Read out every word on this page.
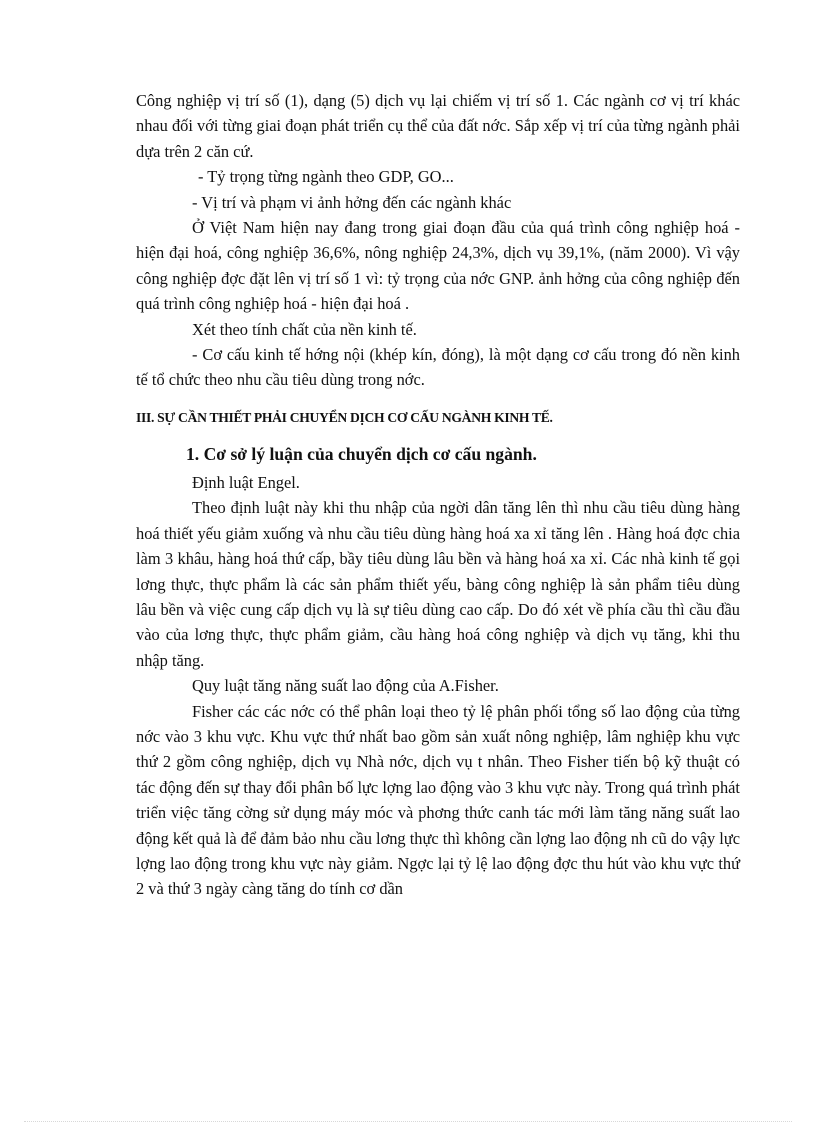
Công nghiệp vị trí số (1), dạng (5) dịch vụ lại chiếm vị trí số 1. Các ngành cơ vị trí khác nhau đối với từng giai đoạn phát triển cụ thể của đất nớc. Sắp xếp vị trí của từng ngành phải dựa trên 2 căn cứ.

- Tỷ trọng từng ngành theo GDP, GO...

- Vị trí và phạm vi ảnh hởng đến các ngành khác

Ở Việt Nam hiện nay đang trong giai đoạn đầu của quá trình công nghiệp hoá - hiện đại hoá, công nghiệp 36,6%, nông nghiệp 24,3%, dịch vụ 39,1%, (năm 2000). Vì vậy công nghiệp đợc đặt lên vị trí số 1 vì: tỷ trọng của nớc GNP. ảnh hởng của công nghiệp đến quá trình công nghiệp hoá - hiện đại hoá .

Xét theo tính chất của nền kinh tế.

- Cơ cấu kinh tế hớng nội (khép kín, đóng), là một dạng cơ cấu trong đó nền kinh tế tổ chức theo nhu cầu tiêu dùng trong nớc.

III. SỰ CẦN THIẾT PHẢI CHUYỂN DỊCH CƠ CẤU NGÀNH KINH TẾ.

1. Cơ sở lý luận của chuyển dịch cơ cấu ngành.

Định luật Engel.

Theo định luật này khi thu nhập của ngời dân tăng lên thì nhu cầu tiêu dùng hàng hoá thiết yếu giảm xuống và nhu cầu tiêu dùng hàng hoá xa xỉ tăng lên . Hàng hoá đợc chia làm 3 khâu, hàng hoá thứ cấp, bầy tiêu dùng lâu bền và hàng hoá xa xỉ. Các nhà kinh tế gọi lơng thực, thực phẩm là các sản phẩm thiết yếu, bàng công nghiệp là sản phẩm tiêu dùng lâu bền và việc cung cấp dịch vụ là sự tiêu dùng cao cấp. Do đó xét về phía cầu thì cầu đầu vào của lơng thực, thực phẩm giảm, cầu hàng hoá công nghiệp và dịch vụ tăng, khi thu nhập tăng.

Quy luật tăng năng suất lao động của A.Fisher.

Fisher các các nớc có thể phân loại theo tỷ lệ phân phối tổng số lao động của từng nớc vào 3 khu vực. Khu vực thứ nhất bao gồm sản xuất nông nghiệp, lâm nghiệp khu vực thứ 2 gồm công nghiệp, dịch vụ Nhà nớc, dịch vụ t nhân. Theo Fisher tiến bộ kỹ thuật có tác động đến sự thay đổi phân bố lực lợng lao động vào 3 khu vực này. Trong quá trình phát triển việc tăng cờng sử dụng máy móc và phơng thức canh tác mới làm tăng năng suất lao động kết quả là để đảm bảo nhu cầu lơng thực thì không cần lợng lao động nh cũ do vậy lực lợng lao động trong khu vực này giảm. Ngợc lại tỷ lệ lao động đợc thu hút vào khu vực thứ 2 và thứ 3 ngày càng tăng do tính cơ dần
